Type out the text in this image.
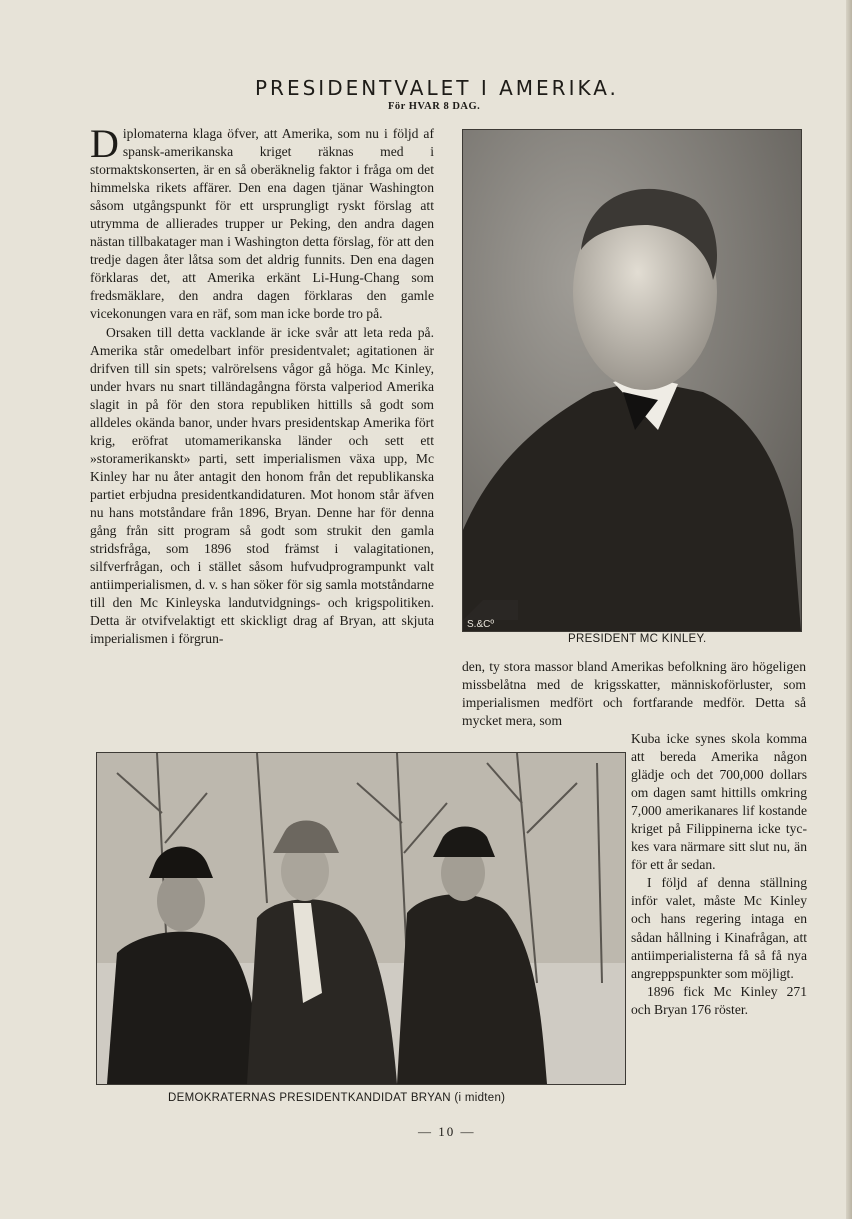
PRESIDENTVALET I AMERIKA.
För HVAR 8 DAG.

Diplomaterna klaga öfver, att Amerika, som nu i följd af spansk-amerikanska kriget räknas med i stormaktskonserten, är en så oberäknelig faktor i fråga om det himmelska rikets affärer. Den ena dagen tjänar Washington såsom utgångspunkt för ett ursprungligt ryskt förslag att utrymma de allierades trupper ur Peking, den andra dagen nästan tillbakatager man i Washington detta förslag, för att den tredje dagen åter låtsa som det aldrig funnits. Den ena dagen förklaras det, att Amerika erkänt Li-Hung-Chang som fredsmäklare, den andra dagen förklaras den gamle vicekonungen vara en räf, som man icke borde tro på.

Orsaken till detta vacklande är icke svår att leta reda på. Amerika står omedelbart inför presidentvalet; agitationen är drifven till sin spets; valrörelsens vågor gå höga. Mc Kinley, under hvars nu snart tilländagångna första valperiod Amerika slagit in på för den stora republiken hittills så godt som alldeles okända banor, under hvars presidentskap Amerika fört krig, eröfrat utomamerikanska länder och sett ett »storamerikanskt» parti, sett imperialismen växa upp, Mc Kinley har nu åter antagit den honom från det republikanska partiet erbjudna presidentkandidaturen. Mot honom står äfven nu hans motståndare från 1896, Bryan. Denne har för denna gång från sitt program så godt som strukit den gamla stridsfråga, som 1896 stod främst i valagitationen, silfverfrågan, och i stället såsom hufvudprogrampunkt valt antiimperialismen, d. v. s han söker för sig samla motståndarne till den Mc Kinleyska landutvidgnings- och krigspolitiken. Detta är otvifvelaktigt ett skickligt drag af Bryan, att skjuta imperialismen i förgrun-

S.&Cº
PRESIDENT MC KINLEY.

den, ty stora massor bland Amerikas befolkning äro högeligen missbelåtna med de krigsskatter, människoförluster, som imperialismen medfört och fortfarande medför. Detta så mycket mera, som

Kuba icke synes skola komma att bereda Amerika någon glädje och det 700,000 dollars om dagen samt hittills omkring 7,000 amerikanares lif kostande kriget på Filippinerna icke tyckes vara närmare sitt slut nu, än för ett år sedan.

I följd af denna ställning inför valet, måste Mc Kinley och hans regering intaga en sådan hållning i Kinafrågan, att antiimperialisterna få så få nya angreppspunkter som möjligt.

1896 fick Mc Kinley 271 och Bryan 176 röster.

DEMOKRATERNAS PRESIDENTKANDIDAT BRYAN (i midten)
— 10 —
